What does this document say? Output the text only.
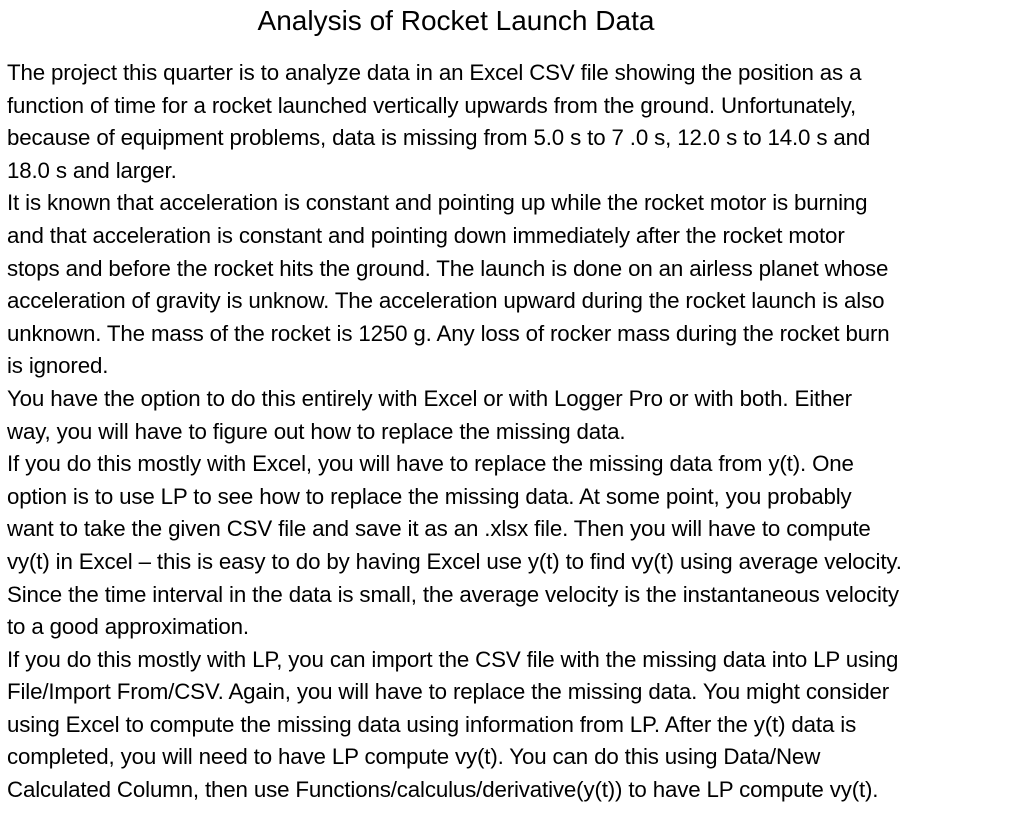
Analysis of Rocket Launch Data
The project this quarter is to analyze data in an Excel CSV file showing the position as a
function of time for a rocket launched vertically upwards from the ground. Unfortunately,
because of equipment problems, data is missing from 5.0 s to 7 .0 s, 12.0 s to 14.0 s and
18.0 s and larger.
It is known that acceleration is constant and pointing up while the rocket motor is burning
and that acceleration is constant and pointing down immediately after the rocket motor
stops and before the rocket hits the ground. The launch is done on an airless planet whose
acceleration of gravity is unknow. The acceleration upward during the rocket launch is also
unknown. The mass of the rocket is 1250 g. Any loss of rocker mass during the rocket burn
is ignored.
You have the option to do this entirely with Excel or with Logger Pro or with both. Either
way, you will have to figure out how to replace the missing data.
If you do this mostly with Excel, you will have to replace the missing data from y(t). One
option is to use LP to see how to replace the missing data. At some point, you probably
want to take the given CSV file and save it as an .xlsx file. Then you will have to compute
vy(t) in Excel – this is easy to do by having Excel use y(t) to find vy(t) using average velocity.
Since the time interval in the data is small, the average velocity is the instantaneous velocity
to a good approximation.
If you do this mostly with LP, you can import the CSV file with the missing data into LP using
File/Import From/CSV. Again, you will have to replace the missing data. You might consider
using Excel to compute the missing data using information from LP. After the y(t) data is
completed, you will need to have LP compute vy(t). You can do this using Data/New
Calculated Column, then use Functions/calculus/derivative(y(t)) to have LP compute vy(t).
